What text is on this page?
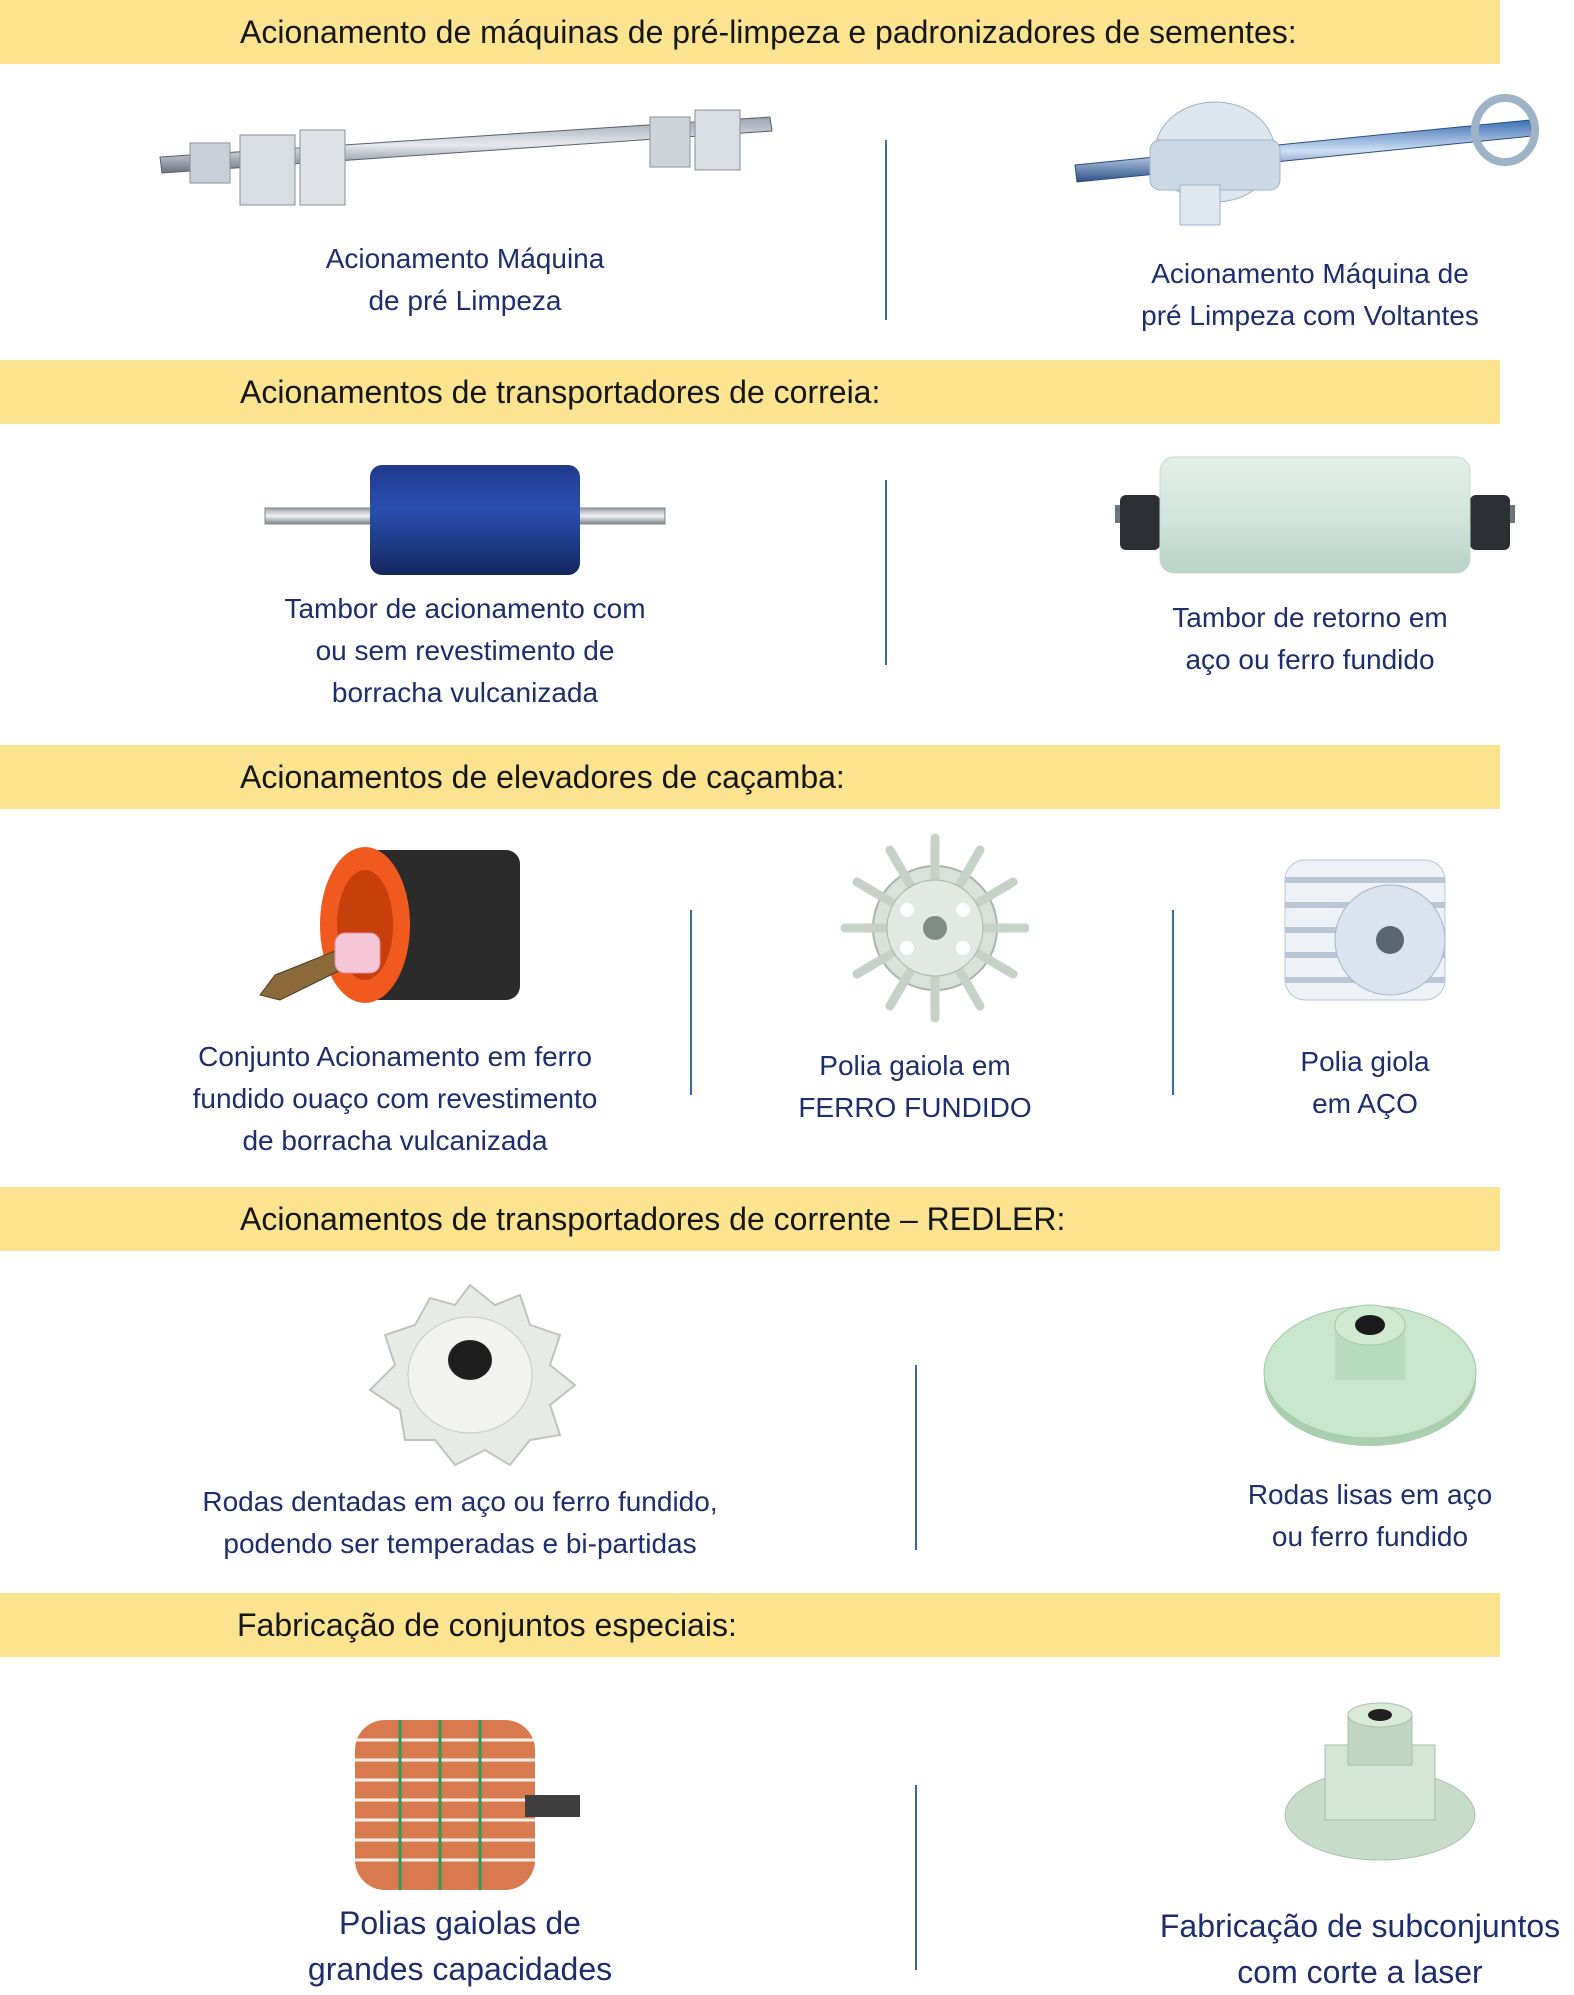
Acionamento de máquinas de pré-limpeza e padronizadores de sementes:
Acionamento Máquina
de pré Limpeza
Acionamento Máquina de
pré Limpeza com Voltantes
Acionamentos de transportadores de correia:
Tambor de acionamento com
ou sem revestimento de
borracha vulcanizada
Tambor de retorno em
aço ou ferro fundido
Acionamentos de elevadores de caçamba:
Conjunto Acionamento em ferro
fundido ouaço com revestimento
de borracha vulcanizada
Polia gaiola em
FERRO FUNDIDO
Polia giola
em AÇO
Acionamentos de transportadores de corrente – REDLER:
Rodas dentadas em aço ou ferro fundido,
podendo ser temperadas e bi-partidas
Rodas lisas em aço
ou ferro fundido
Fabricação de conjuntos especiais:
Polias gaiolas de
grandes capacidades
Fabricação de subconjuntos
com corte a laser
